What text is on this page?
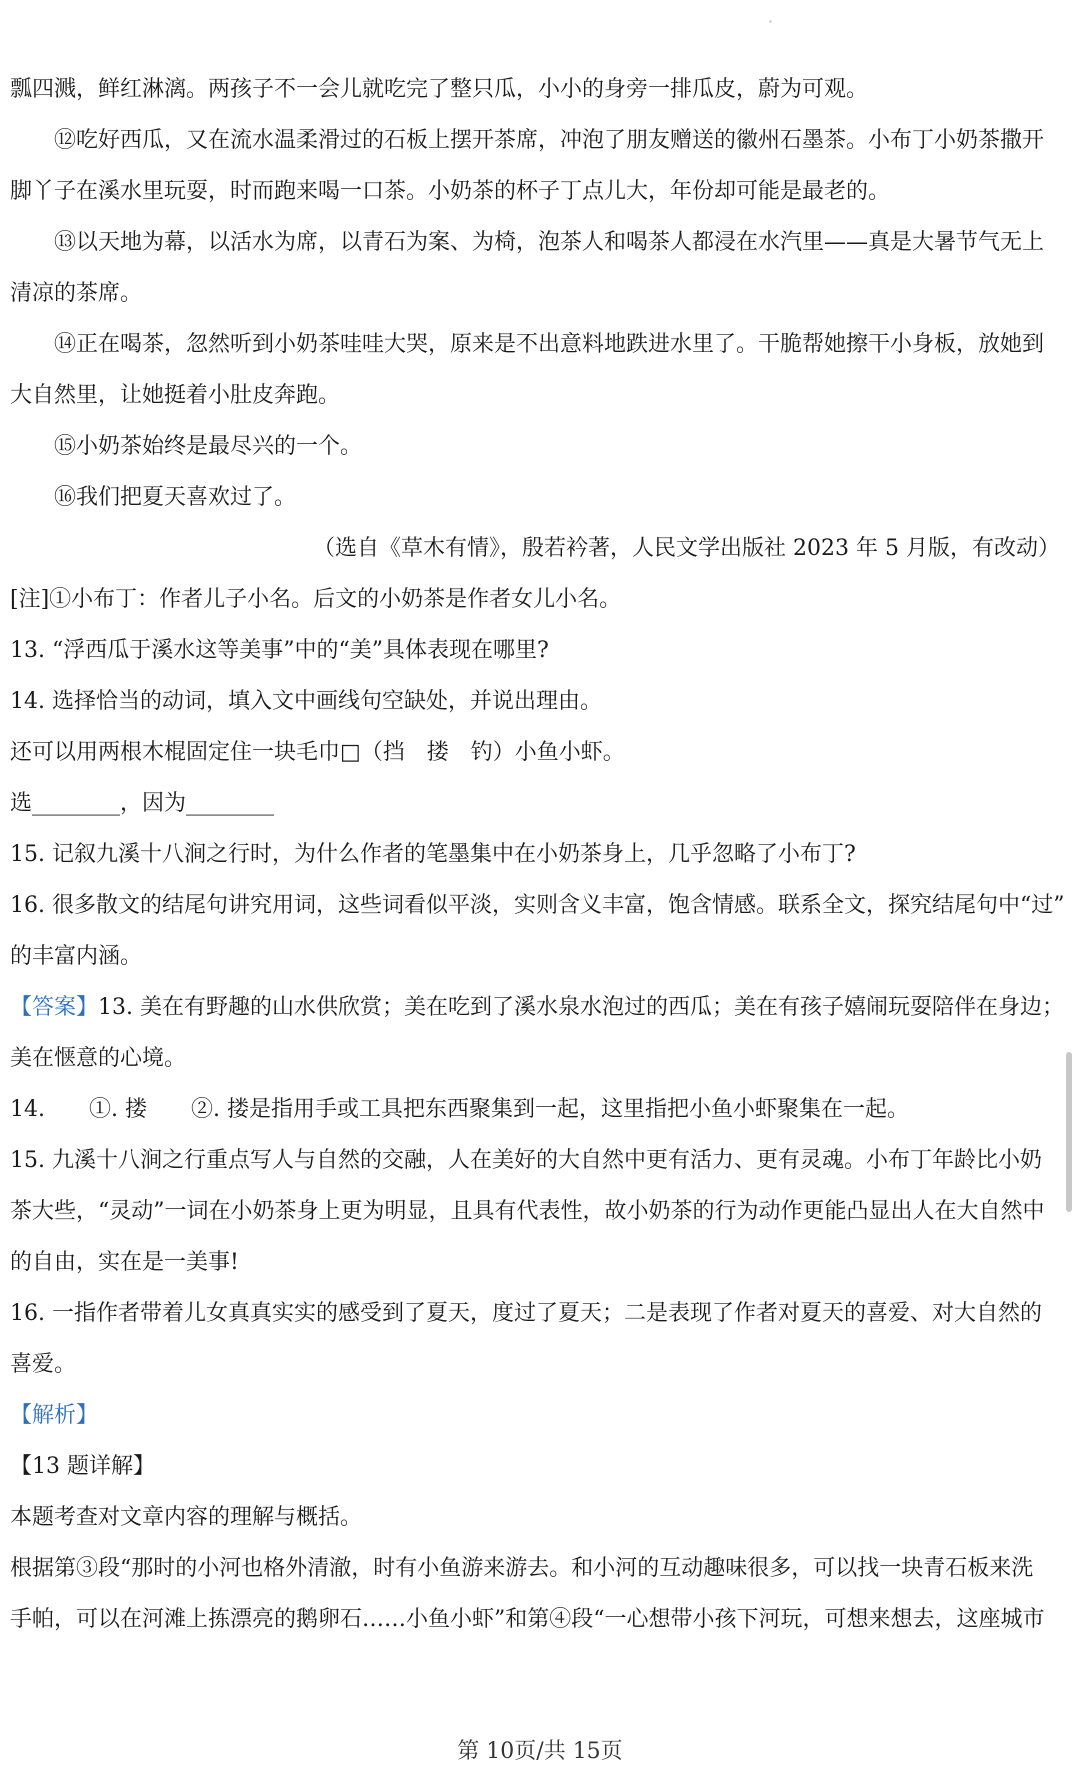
瓢四溅，鲜红淋漓。两孩子不一会儿就吃完了整只瓜，小小的身旁一排瓜皮，蔚为可观。
⑫吃好西瓜，又在流水温柔滑过的石板上摆开茶席，冲泡了朋友赠送的徽州石墨茶。小布丁小奶茶撒开
脚丫子在溪水里玩耍，时而跑来喝一口茶。小奶茶的杯子丁点儿大，年份却可能是最老的。
⑬以天地为幕，以活水为席，以青石为案、为椅，泡茶人和喝茶人都浸在水汽里——真是大暑节气无上
清凉的茶席。
⑭正在喝茶，忽然听到小奶茶哇哇大哭，原来是不出意料地跌进水里了。干脆帮她擦干小身板，放她到
大自然里，让她挺着小肚皮奔跑。
⑮小奶茶始终是最尽兴的一个。
⑯我们把夏天喜欢过了。
（选自《草木有情》，殷若衿著，人民文学出版社 2023 年 5 月版，有改动）
[注]①小布丁：作者儿子小名。后文的小奶茶是作者女儿小名。
13. “浮西瓜于溪水这等美事”中的“美”具体表现在哪里?
14. 选择恰当的动词，填入文中画线句空缺处，并说出理由。
还可以用两根木棍固定住一块毛巾□（挡　搂　钓）小鱼小虾。
选________，因为________
15. 记叙九溪十八涧之行时，为什么作者的笔墨集中在小奶茶身上，几乎忽略了小布丁?
16. 很多散文的结尾句讲究用词，这些词看似平淡，实则含义丰富，饱含情感。联系全文，探究结尾句中“过”
的丰富内涵。
【答案】13. 美在有野趣的山水供欣赏；美在吃到了溪水泉水泡过的西瓜；美在有孩子嬉闹玩耍陪伴在身边；
美在惬意的心境。
14.　　①. 搂　　②. 搂是指用手或工具把东西聚集到一起，这里指把小鱼小虾聚集在一起。
15. 九溪十八涧之行重点写人与自然的交融，人在美好的大自然中更有活力、更有灵魂。小布丁年龄比小奶
茶大些，“灵动”一词在小奶茶身上更为明显，且具有代表性，故小奶茶的行为动作更能凸显出人在大自然中
的自由，实在是一美事!
16. 一指作者带着儿女真真实实的感受到了夏天，度过了夏天；二是表现了作者对夏天的喜爱、对大自然的
喜爱。
【解析】
【13 题详解】
本题考查对文章内容的理解与概括。
根据第③段“那时的小河也格外清澈，时有小鱼游来游去。和小河的互动趣味很多，可以找一块青石板来洗
手帕，可以在河滩上拣漂亮的鹅卵石……小鱼小虾”和第④段“一心想带小孩下河玩，可想来想去，这座城市
第 10页/共 15页
